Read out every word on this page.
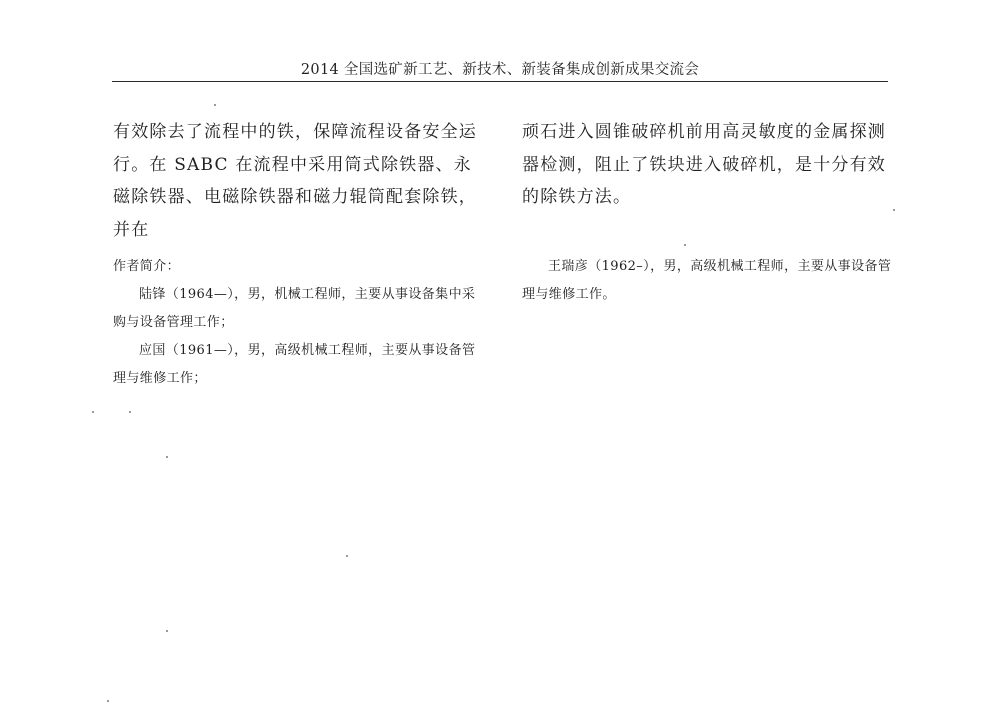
2014 全国选矿新工艺、新技术、新装备集成创新成果交流会
有效除去了流程中的铁，保障流程设备安全运行。在 SABC 在流程中采用筒式除铁器、永磁除铁器、电磁除铁器和磁力辊筒配套除铁，并在
顽石进入圆锥破碎机前用高灵敏度的金属探测器检测，阻止了铁块进入破碎机，是十分有效的除铁方法。

作者简介：

陆锋（1964—），男，机械工程师，主要从事设备集中采购与设备管理工作；

应国（1961—），男，高级机械工程师，主要从事设备管理与维修工作；

王瑞彦（1962–），男，高级机械工程师，主要从事设备管理与维修工作。
